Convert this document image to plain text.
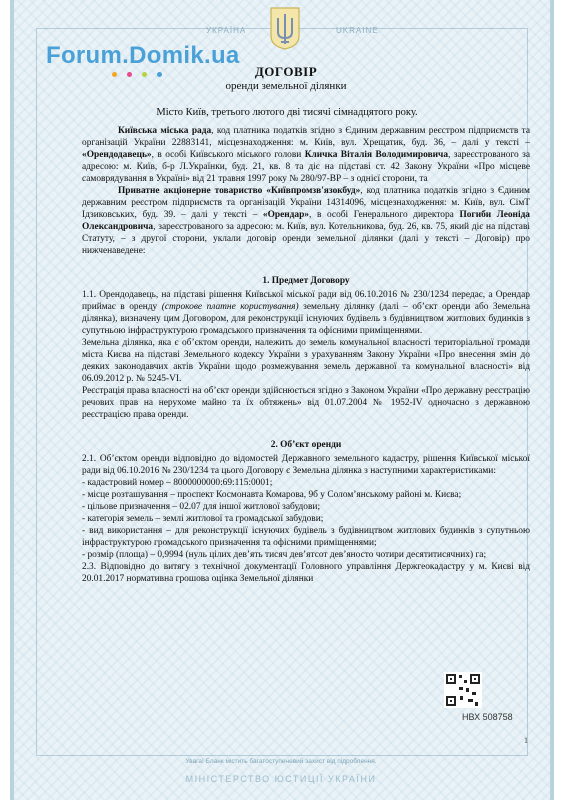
УКРАЇНА	UKRAINE
Forum.Domik.ua
ДОГОВІР
оренди земельної ділянки
Місто Київ, третього лютого дві тисячі сімнадцятого року.

Київська міська рада, код платника податків згідно з Єдиним державним реєстром підприємств та організацій України 22883141, місцезнаходження: м. Київ, вул. Хрещатик, буд. 36, – далі у тексті – «Орендодавець», в особі Київського міського голови Кличка Віталія Володимировича, зареєстрованого за адресою: м. Київ, б-р Л.Українки, буд. 21, кв. 8 та діє на підставі ст. 42 Закону України «Про місцеве самоврядування в Україні» від 21 травня 1997 року № 280/97-ВР – з однієї сторони, та

Приватне акціонерне товариство «Київпромзв'язокбуд», код платника податків згідно з Єдиним державним реєстром підприємств та організацій України 14314096, місцезнаходження: м. Київ, вул. СімТ Ідзиковських, буд. 39. – далі у тексті – «Орендар», в особі Генерального директора Погиби Леоніда Олександровича, зареєстрованого за адресою: м. Київ, вул. Котельникова, буд. 26, кв. 75, який діє на підставі Статуту, – з другої сторони, уклали договір оренди земельної ділянки (далі у тексті – Договір) про нижченаведене:

1. Предмет Договору

1.1. Орендодавець, на підставі рішення Київської міської ради від 06.10.2016 № 230/1234 передає, а Орендар приймає в оренду (строкове платне користування) земельну ділянку (далі – об’єкт оренди або Земельна ділянка), визначену цим Договором, для реконструкції існуючих будівель з будівництвом житлових будинків з супутньою інфраструктурою громадського призначення та офісними приміщеннями.

Земельна ділянка, яка є об’єктом оренди, належить до земель комунальної власності територіальної громади міста Києва на підставі Земельного кодексу України з урахуванням Закону України «Про внесення змін до деяких законодавчих актів України щодо розмежування земель державної та комунальної власності» від 06.09.2012 р. № 5245-VI.

Реєстрація права власності на об’єкт оренди здійснюється згідно з Законом України «Про державну реєстрацію речових прав на нерухоме майно та їх обтяжень» від 01.07.2004 № 1952-IV одночасно з державною реєстрацією права оренди.

2. Об’єкт оренди

2.1. Об’єктом оренди відповідно до відомостей Державного земельного кадастру, рішення Київської міської ради від 06.10.2016 № 230/1234 та цього Договору є Земельна ділянка з наступними характеристиками:

- кадастровий номер – 8000000000:69:115:0001;

- місце розташування – проспект Космонавта Комарова, 9б у Солом’янському районі м. Києва;

- цільове призначення – 02.07 для іншої житлової забудови;

- категорія земель – землі житлової та громадської забудови;

- вид використання – для реконструкції існуючих будівель з будівництвом житлових будинків з супутньою інфраструктурою громадського призначення та офісними приміщеннями;

- розмір (площа) – 0,9994 (нуль цілих дев’ять тисяч дев’ятсот дев’яносто чотири десятитисячних) га;

2.3. Відповідно до витягу з технічної документації Головного управління Держгеокадастру у м. Києві від 20.01.2017 нормативна грошова оцінка Земельної ділянки

НВХ 508758
1
Увага! Бланк містить багатоступеневий захист від підроблення.
МІНІСТЕРСТВО ЮСТИЦІЇ УКРАЇНИ
